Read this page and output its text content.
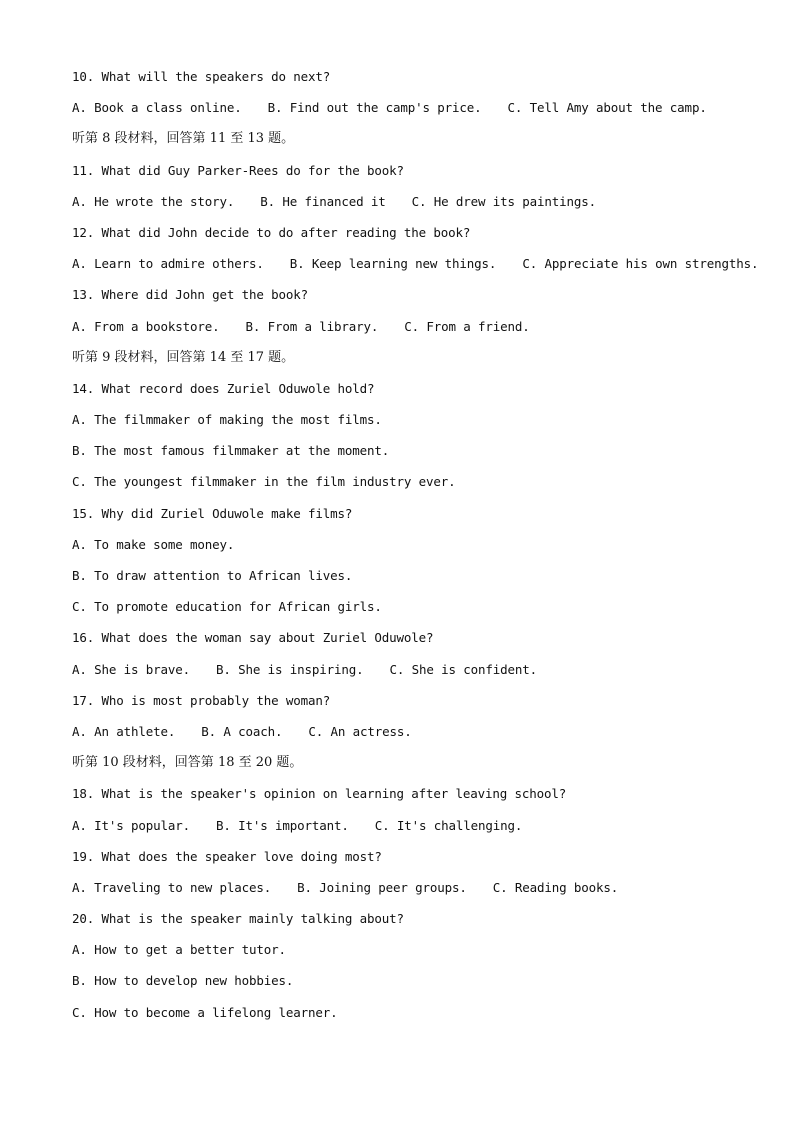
10. What will the speakers do next?
A. Book a class online. B. Find out the camp's price. C. Tell Amy about the camp.
听第 8 段材料，回答第 11 至 13 题。
11. What did Guy Parker-Rees do for the book?
A. He wrote the story. B. He financed it C. He drew its paintings.
12. What did John decide to do after reading the book?
A. Learn to admire others. B. Keep learning new things. C. Appreciate his own strengths.
13. Where did John get the book?
A. From a bookstore. B. From a library. C. From a friend.
听第 9 段材料，回答第 14 至 17 题。
14. What record does Zuriel Oduwole hold?
A. The filmmaker of making the most films.
B. The most famous filmmaker at the moment.
C. The youngest filmmaker in the film industry ever.
15. Why did Zuriel Oduwole make films?
A. To make some money.
B. To draw attention to African lives.
C. To promote education for African girls.
16. What does the woman say about Zuriel Oduwole?
A. She is brave. B. She is inspiring. C. She is confident.
17. Who is most probably the woman?
A. An athlete. B. A coach. C. An actress.
听第 10 段材料，回答第 18 至 20 题。
18. What is the speaker's opinion on learning after leaving school?
A. It's popular. B. It's important. C. It's challenging.
19. What does the speaker love doing most?
A. Traveling to new places. B. Joining peer groups. C. Reading books.
20. What is the speaker mainly talking about?
A. How to get a better tutor.
B. How to develop new hobbies.
C. How to become a lifelong learner.
